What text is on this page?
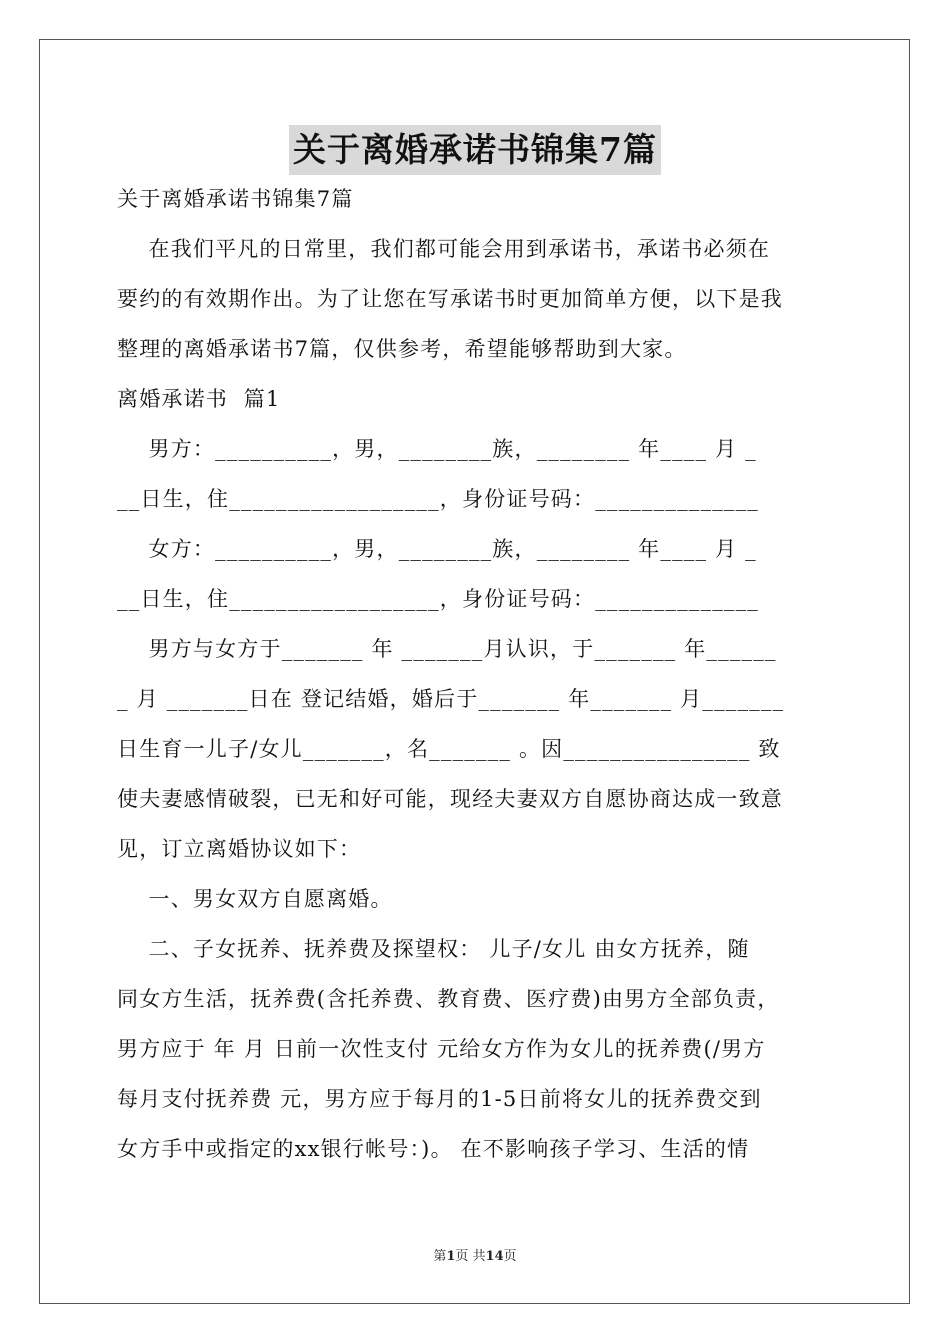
关于离婚承诺书锦集7篇
关于离婚承诺书锦集7篇
在我们平凡的日常里，我们都可能会用到承诺书，承诺书必须在
要约的有效期作出。为了让您在写承诺书时更加简单方便，以下是我
整理的离婚承诺书7篇，仅供参考，希望能够帮助到大家。
离婚承诺书  篇1
男方：__________，男，________族，________ 年____ 月 _
__日生，住__________________，身份证号码：______________
女方：__________，男，________族，________ 年____ 月 _
__日生，住__________________，身份证号码：______________
男方与女方于_______ 年 _______月认识，于_______ 年______
_ 月 _______日在 登记结婚，婚后于_______ 年_______ 月_______
日生育一儿子/女儿_______，名_______ 。因________________ 致
使夫妻感情破裂，已无和好可能，现经夫妻双方自愿协商达成一致意
见，订立离婚协议如下：
一、男女双方自愿离婚。
二、子女抚养、抚养费及探望权： 儿子/女儿 由女方抚养，随
同女方生活，抚养费(含托养费、教育费、医疗费)由男方全部负责，
男方应于 年 月 日前一次性支付 元给女方作为女儿的抚养费(/男方
每月支付抚养费 元，男方应于每月的1-5日前将女儿的抚养费交到
女方手中或指定的xx银行帐号：)。 在不影响孩子学习、生活的情
第1页 共14页
